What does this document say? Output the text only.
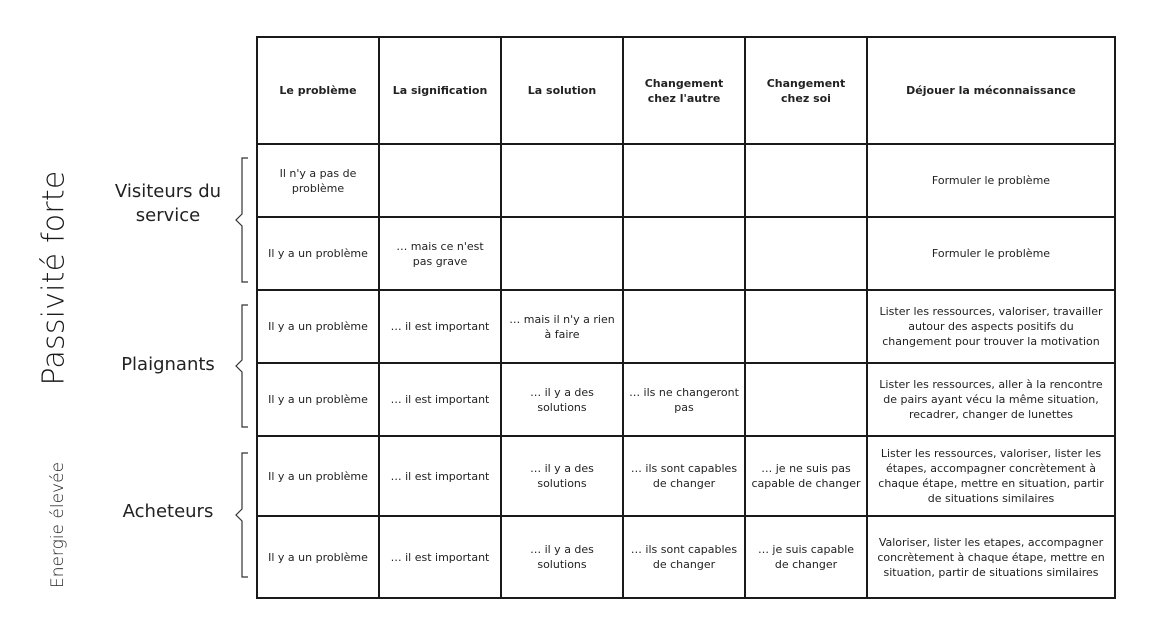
Passivité forte
Energie élevée
Visiteurs du service
Plaignants
Acheteurs
Le problème	La signification	La solution	Changement chez l'autre	Changement chez soi	Déjouer la méconnaissance
Il n'y a pas de problème					Formuler le problème
Il y a un problème	… mais ce n'est pas grave				Formuler le problème
Il y a un problème	… il est important	… mais il n'y a rien à faire			Lister les ressources, valoriser, travailler autour des aspects positifs du changement pour trouver la motivation
Il y a un problème	… il est important	… il y a des solutions	… ils ne changeront pas		Lister les ressources, aller à la rencontre de pairs ayant vécu la même situation, recadrer, changer de lunettes
Il y a un problème	… il est important	… il y a des solutions	… ils sont capables de changer	… je ne suis pas capable de changer	Lister les ressources, valoriser, lister les étapes, accompagner concrètement à chaque étape, mettre en situation, partir de situations similaires
Il y a un problème	… il est important	… il y a des solutions	… ils sont capables de changer	… je suis capable de changer	Valoriser, lister les etapes, accompagner concrètement à chaque étape, mettre en situation, partir de situations similaires
